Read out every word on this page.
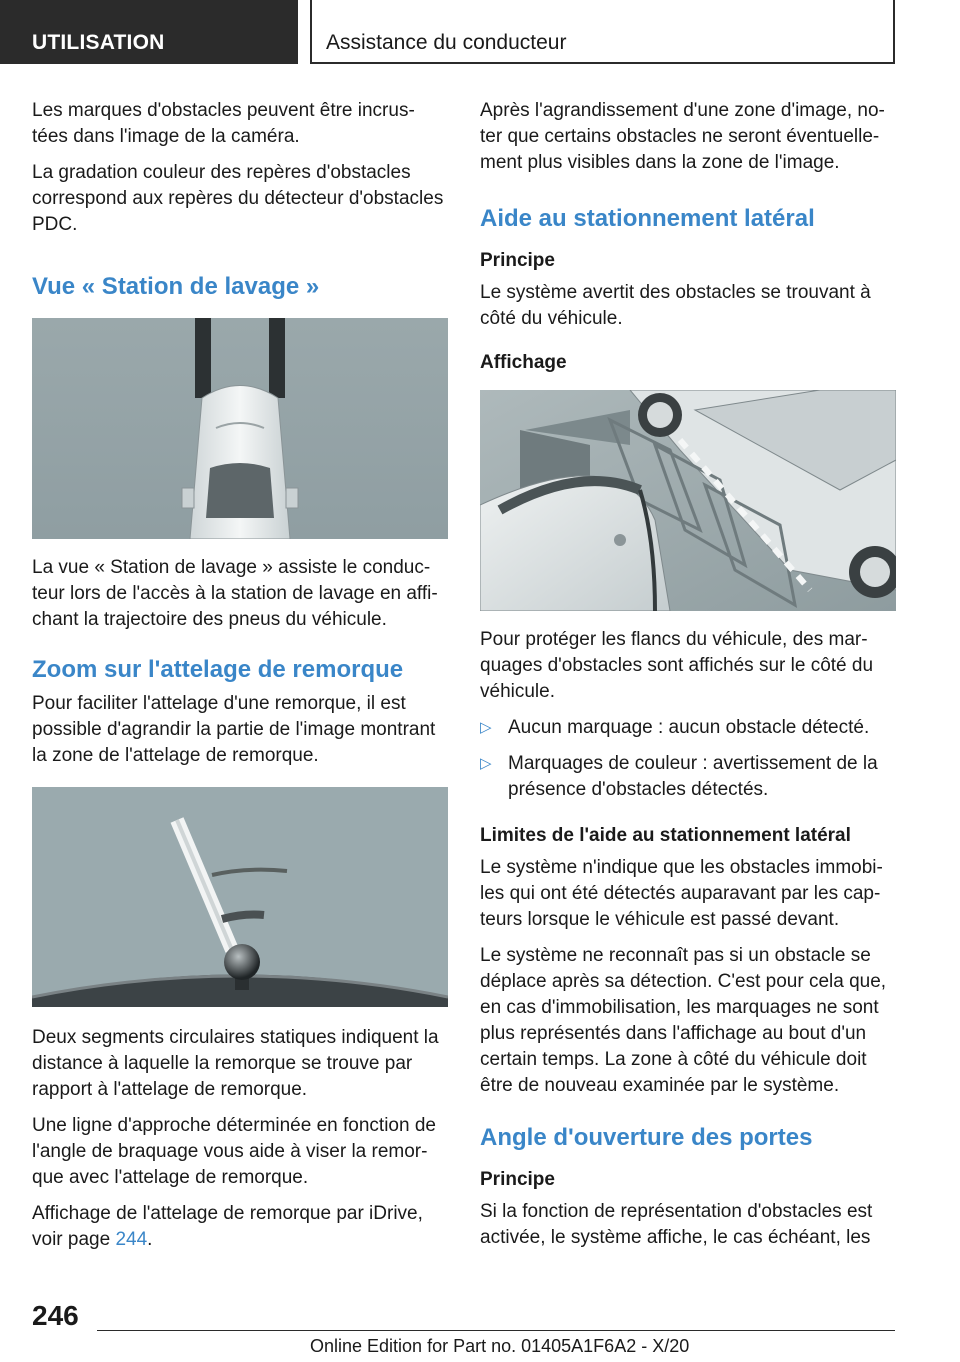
UTILISATION	Assistance du conducteur

Les marques d'obstacles peuvent être incrus-tées dans l'image de la caméra.

La gradation couleur des repères d'obstacles correspond aux repères du détecteur d'obstacles PDC.

Vue « Station de lavage »

La vue « Station de lavage » assiste le conduc-teur lors de l'accès à la station de lavage en affi-chant la trajectoire des pneus du véhicule.

Zoom sur l'attelage de remorque

Pour faciliter l'attelage d'une remorque, il est possible d'agrandir la partie de l'image montrant la zone de l'attelage de remorque.

Deux segments circulaires statiques indiquent la distance à laquelle la remorque se trouve par rapport à l'attelage de remorque.

Une ligne d'approche déterminée en fonction de l'angle de braquage vous aide à viser la remor-que avec l'attelage de remorque.

Affichage de l'attelage de remorque par iDrive, voir page 244.

Après l'agrandissement d'une zone d'image, no-ter que certains obstacles ne seront éventuelle-ment plus visibles dans la zone de l'image.

Aide au stationnement latéral
Principe

Le système avertit des obstacles se trouvant à côté du véhicule.

Affichage

Pour protéger les flancs du véhicule, des mar-quages d'obstacles sont affichés sur le côté du véhicule.

▷ Aucun marquage : aucun obstacle détecté.
▷ Marquages de couleur : avertissement de la présence d'obstacles détectés.
Limites de l'aide au stationnement latéral

Le système n'indique que les obstacles immobi-les qui ont été détectés auparavant par les cap-teurs lorsque le véhicule est passé devant.

Le système ne reconnaît pas si un obstacle se déplace après sa détection. C'est pour cela que, en cas d'immobilisation, les marquages ne sont plus représentés dans l'affichage au bout d'un certain temps. La zone à côté du véhicule doit être de nouveau examinée par le système.

Angle d'ouverture des portes
Principe

Si la fonction de représentation d'obstacles est activée, le système affiche, le cas échéant, les

246
Online Edition for Part no. 01405A1F6A2 - X/20
